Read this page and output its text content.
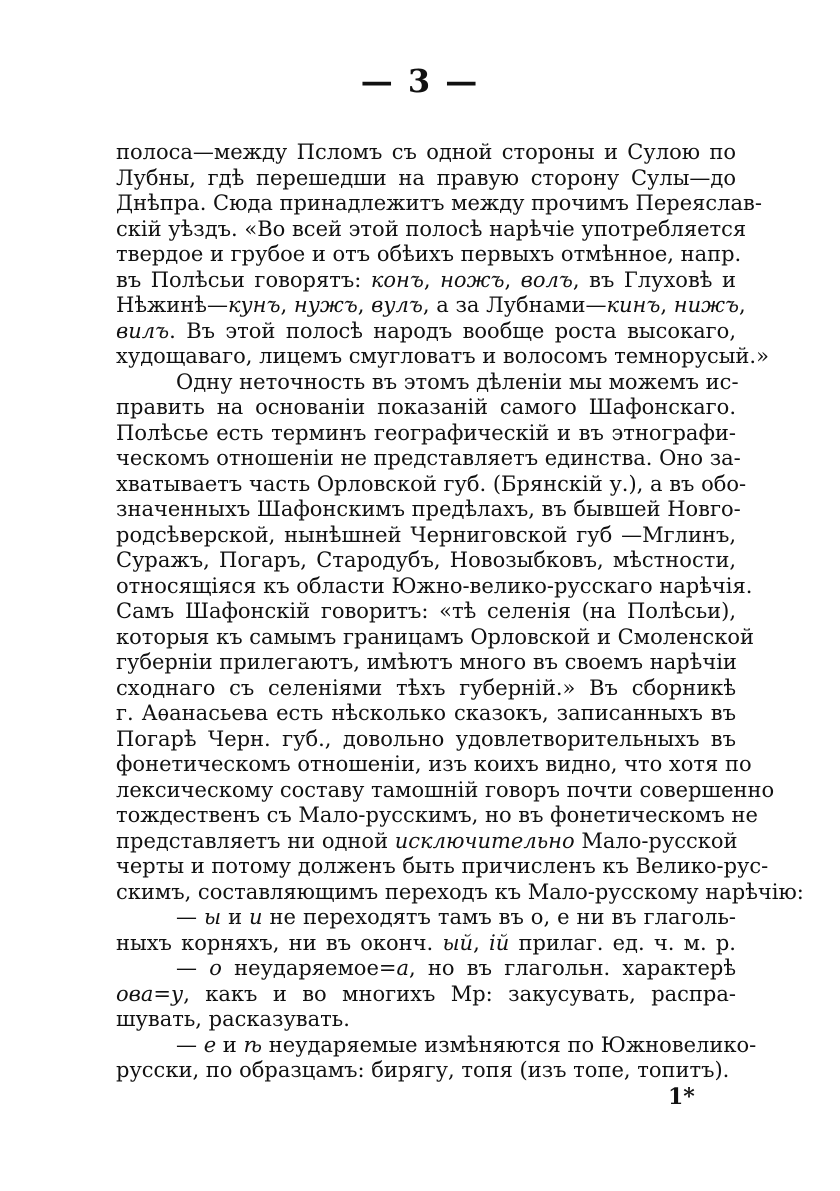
— 3 —
полоса—между Псломъ съ одной стороны и Сулою по
Лубны, гдѣ перешедши на правую сторону Сулы—до
Днѣпра. Сюда принадлежитъ между прочимъ Переяслав-
скій уѣздъ. «Во всей этой полосѣ нарѣчіе употребляется
твердое и грубое и отъ обѣихъ первыхъ отмѣнное, напр.
въ Полѣсьи говорятъ: конъ, ножъ, волъ, въ Глуховѣ и
Нѣжинѣ—кунъ, нужъ, вулъ, а за Лубнами—кинъ, нижъ,
вилъ. Въ этой полосѣ народъ вообще роста высокаго,
худощаваго, лицемъ смугловатъ и волосомъ темнорусый.»
Одну неточность въ этомъ дѣленіи мы можемъ ис-
править на основаніи показаній самого Шафонскаго.
Полѣсье есть терминъ географическій и въ этнографи-
ческомъ отношеніи не представляетъ единства. Оно за-
хватываетъ часть Орловской губ. (Брянскій у.), а въ обо-
значенныхъ Шафонскимъ предѣлахъ, въ бывшей Новго-
родсѣверской, нынѣшней Черниговской губ —Мглинъ,
Суражъ, Погаръ, Стародубъ, Новозыбковъ, мѣстности,
относящіяся къ области Южно-велико-русскаго нарѣчія.
Самъ Шафонскій говоритъ: «тѣ селенія (на Полѣсьи),
которыя къ самымъ границамъ Орловской и Смоленской
губерніи прилегаютъ, имѣютъ много въ своемъ нарѣчіи
сходнаго съ селеніями тѣхъ губерній.» Въ сборникѣ
г. Аѳанасьева есть нѣсколько сказокъ, записанныхъ въ
Погарѣ Черн. губ., довольно удовлетворительныхъ въ
фонетическомъ отношеніи, изъ коихъ видно, что хотя по
лексическому составу тамошній говоръ почти совершенно
тождественъ съ Мало-русскимъ, но въ фонетическомъ не
представляетъ ни одной исключительно Мало-русской
черты и потому долженъ быть причисленъ къ Велико-рус-
скимъ, составляющимъ переходъ къ Мало-русскому нарѣчію:
— ы и и не переходятъ тамъ въ о, е ни въ глаголь-
ныхъ корняхъ, ни въ оконч. ый, ій прилаг. ед. ч. м. р.
— о неударяемое=а, но въ глагольн. характерѣ
ова=у, какъ и во многихъ Мр: закусувать, распра-
шувать, расказувать.
— е и ѣ неударяемые измѣняются по Южновелико-
русски, по образцамъ: бирягу, топя (изъ топе, топитъ).
1*
